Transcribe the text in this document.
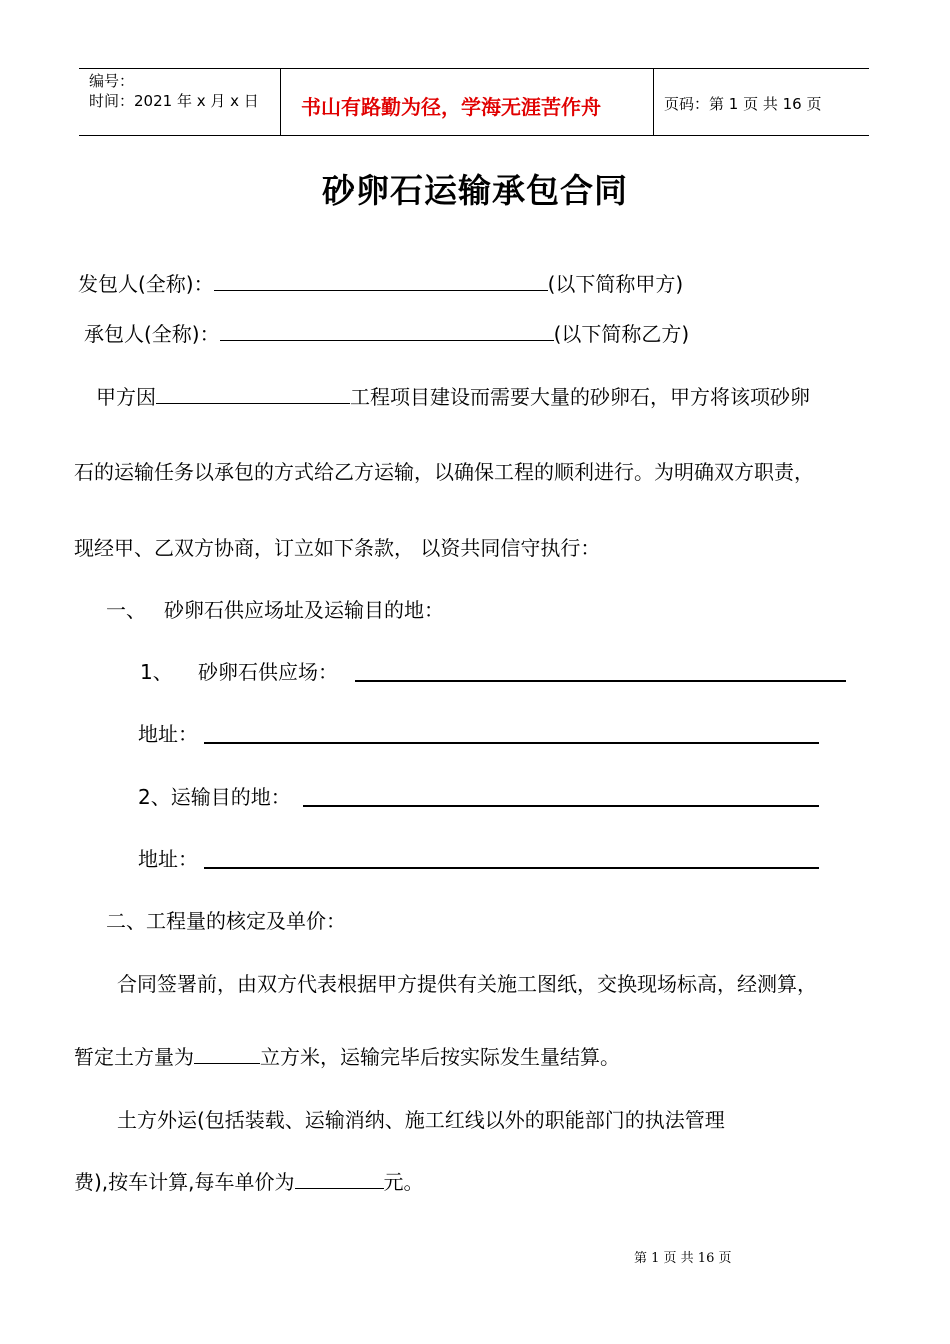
编号：
时间：2021 年 x 月 x 日 书山有路勤为径，学海无涯苦作舟	页码：第 1 页 共 16 页
砂卵石运输承包合同
发包人(全称)：	(以下简称甲方)
承包人(全称)：	(以下简称乙方)
甲方因	工程项目建设而需要大量的砂卵石，甲方将该项砂卵
石的运输任务以承包的方式给乙方运输，以确保工程的顺利进行。为明确双方职责，
现经甲、乙双方协商，订立如下条款， 以资共同信守执行：
一、 砂卵石供应场址及运输目的地：
1、 砂卵石供应场：
地址：
2、运输目的地：
地址：
二、工程量的核定及单价：
合同签署前，由双方代表根据甲方提供有关施工图纸，交换现场标高，经测算，
暂定土方量为	立方米，运输完毕后按实际发生量结算。
土方外运(包括装载、运输消纳、施工红线以外的职能部门的执法管理
费),按车计算,每车单价为	元。
第 1 页 共 16 页
